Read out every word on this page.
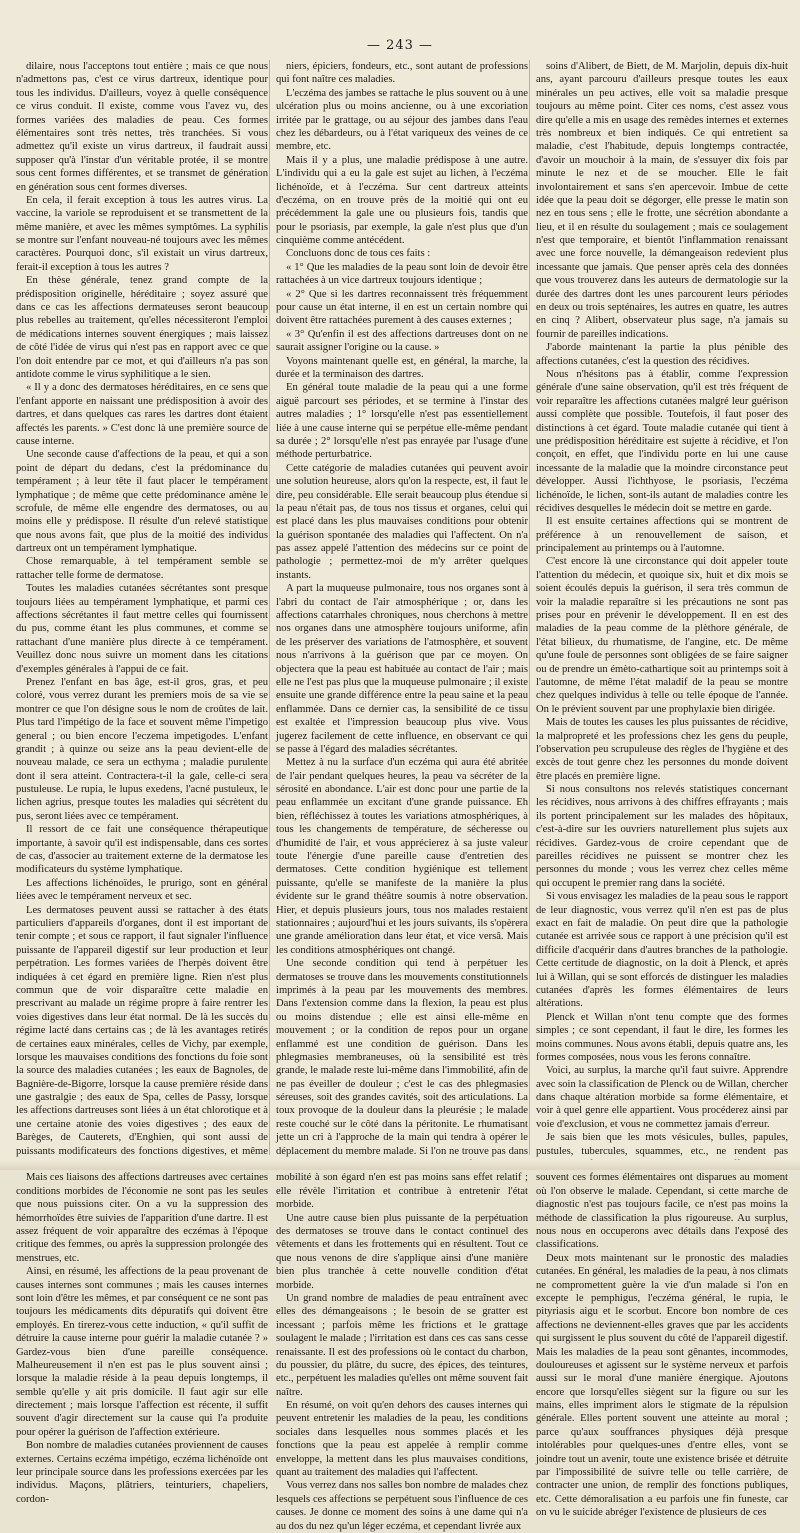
— 243 —

dilaire, nous l'acceptons tout entière ; mais ce que nous n'admettons pas, c'est ce virus dartreux, identique pour tous les individus. D'ailleurs, voyez à quelle conséquence ce virus conduit. Il existe, comme vous l'avez vu, des formes variées des maladies de peau. Ces formes élémentaires sont très nettes, très tranchées. Si vous admettez qu'il existe un virus dartreux, il faudrait aussi supposer qu'à l'instar d'un véritable protée, il se montre sous cent formes différentes, et se transmet de génération en génération sous cent formes diverses.

En cela, il ferait exception à tous les autres virus. La vaccine, la variole se reproduisent et se transmettent de la même manière, et avec les mêmes symptômes. La syphilis se montre sur l'enfant nouveau-né toujours avec les mêmes caractères. Pourquoi donc, s'il existait un virus dartreux, ferait-il exception à tous les autres ?

En thèse générale, tenez grand compte de la prédisposition originelle, héréditaire ; soyez assuré que dans ce cas les affections dermateuses seront beaucoup plus rebelles au traitement, qu'elles nécessiteront l'emploi de médications internes souvent énergiques ; mais laissez de côté l'idée de virus qui n'est pas en rapport avec ce que l'on doit entendre par ce mot, et qui d'ailleurs n'a pas son antidote comme le virus syphilitique a le sien.

« Il y a donc des dermatoses héréditaires, en ce sens que l'enfant apporte en naissant une prédisposition à avoir des dartres, et dans quelques cas rares les dartres dont étaient affectés les parents. » C'est donc là une première source de cause interne.

Une seconde cause d'affections de la peau, et qui a son point de départ du dedans, c'est la prédominance du tempérament ; à leur tête il faut placer le tempérament lymphatique ; de même que cette prédominance amène le scrofule, de même elle engendre des dermatoses, ou au moins elle y prédispose. Il résulte d'un relevé statistique que nous avons fait, que plus de la moitié des individus dartreux ont un tempérament lymphatique.

Chose remarquable, à tel tempérament semble se rattacher telle forme de dermatose.

Toutes les maladies cutanées sécrétantes sont presque toujours liées au tempérament lymphatique, et parmi ces affections sécrétantes il faut mettre celles qui fournissent du pus, comme étant les plus communes, et comme se rattachant d'une manière plus directe à ce tempérament. Veuillez donc nous suivre un moment dans les citations d'exemples générales à l'appui de ce fait.

Prenez l'enfant en bas âge, est-il gros, gras, et peu coloré, vous verrez durant les premiers mois de sa vie se montrer ce que l'on désigne sous le nom de croûtes de lait. Plus tard l'impétigo de la face et souvent même l'impetigo general ; ou bien encore l'eczema impetigodes. L'enfant grandit ; à quinze ou seize ans la peau devient-elle de nouveau malade, ce sera un ecthyma ; maladie purulente dont il sera atteint. Contractera-t-il la gale, celle-ci sera pustuleuse. Le rupia, le lupus exedens, l'acné pustuleux, le lichen agrius, presque toutes les maladies qui sécrètent du pus, seront liées avec ce tempérament.

Il ressort de ce fait une conséquence thérapeutique importante, à savoir qu'il est indispensable, dans ces sortes de cas, d'associer au traitement externe de la dermatose les modificateurs du système lymphatique.

Les affections lichénoïdes, le prurigo, sont en général liées avec le tempérament nerveux et sec.

Les dermatoses peuvent aussi se rattacher à des états particuliers d'appareils d'organes, dont il est important de tenir compte ; et sous ce rapport, il faut signaler l'influence puissante de l'appareil digestif sur leur production et leur perpétration. Les formes variées de l'herpès doivent être indiquées à cet égard en première ligne. Rien n'est plus commun que de voir disparaître cette maladie en prescrivant au malade un régime propre à faire rentrer les voies digestives dans leur état normal. De là les succès du régime lacté dans certains cas ; de là les avantages retirés de certaines eaux minérales, celles de Vichy, par exemple, lorsque les mauvaises conditions des fonctions du foie sont la source des maladies cutanées ; les eaux de Bagnoles, de Bagnière-de-Bigorre, lorsque la cause première réside dans une gastralgie ; des eaux de Spa, celles de Passy, lorsque les affections dartreuses sont liées à un état chlorotique et à une certaine atonie des voies digestives ; des eaux de Barèges, de Cauterets, d'Enghien, qui sont aussi de puissants modificateurs des fonctions digestives, et même

Mais ces liaisons des affections dartreuses avec certaines conditions morbides de l'économie ne sont pas les seules que nous puissions citer. On a vu la suppression des hémorrhoïdes être suivies de l'apparition d'une dartre. Il est assez fréquent de voir apparaître des eczémas à l'époque critique des femmes, ou après la suppression prolongée des menstrues, etc.

Ainsi, en résumé, les affections de la peau provenant de causes internes sont communes ; mais les causes internes sont loin d'être les mêmes, et par conséquent ce ne sont pas toujours les médicaments dits dépuratifs qui doivent être employés. En tirerez-vous cette induction, « qu'il suffit de détruire la cause interne pour guérir la maladie cutanée ? » Gardez-vous bien d'une pareille conséquence. Malheureusement il n'en est pas le plus souvent ainsi ; lorsque la maladie réside à la peau depuis longtemps, il semble qu'elle y ait pris domicile. Il faut agir sur elle directement ; mais lorsque l'affection est récente, il suffit souvent d'agir directement sur la cause qui l'a produite pour opérer la guérison de l'affection extérieure.

Bon nombre de maladies cutanées proviennent de causes externes. Certains eczéma impétigo, eczéma lichénoïde ont leur principale source dans les professions exercées par les individus. Maçons, plâtriers, teinturiers, chapeliers, cordon-

niers, épiciers, fondeurs, etc., sont autant de professions qui font naître ces maladies.

L'eczéma des jambes se rattache le plus souvent ou à une ulcération plus ou moins ancienne, ou à une excoriation irritée par le grattage, ou au séjour des jambes dans l'eau chez les débardeurs, ou à l'état variqueux des veines de ce membre, etc.

Mais il y a plus, une maladie prédispose à une autre. L'individu qui a eu la gale est sujet au lichen, à l'eczéma lichénoïde, et à l'eczéma. Sur cent dartreux atteints d'eczéma, on en trouve près de la moitié qui ont eu précédemment la gale une ou plusieurs fois, tandis que pour le psoriasis, par exemple, la gale n'est plus que d'un cinquième comme antécédent.

Concluons donc de tous ces faits :

« 1° Que les maladies de la peau sont loin de devoir être rattachées à un vice dartreux toujours identique ;

« 2° Que si les dartres reconnaissent très fréquemment pour cause un état interne, il en est un certain nombre qui doivent être rattachées purement à des causes externes ;

« 3° Qu'enfin il est des affections dartreuses dont on ne saurait assigner l'origine ou la cause. »

Voyons maintenant quelle est, en général, la marche, la durée et la terminaison des dartres.

En général toute maladie de la peau qui a une forme aiguë parcourt ses périodes, et se termine à l'instar des autres maladies ; 1° lorsqu'elle n'est pas essentiellement liée à une cause interne qui se perpétue elle-même pendant sa durée ; 2° lorsqu'elle n'est pas enrayée par l'usage d'une méthode perturbatrice.

Cette catégorie de maladies cutanées qui peuvent avoir une solution heureuse, alors qu'on la respecte, est, il faut le dire, peu considérable. Elle serait beaucoup plus étendue si la peau n'était pas, de tous nos tissus et organes, celui qui est placé dans les plus mauvaises conditions pour obtenir la guérison spontanée des maladies qui l'affectent. On n'a pas assez appelé l'attention des médecins sur ce point de pathologie ; permettez-moi de m'y arrêter quelques instants.

A part la muqueuse pulmonaire, tous nos organes sont à l'abri du contact de l'air atmosphérique ; or, dans les affections catarrhales chroniques, nous cherchons à mettre nos organes dans une atmosphère toujours uniforme, afin de les préserver des variations de l'atmosphère, et souvent nous n'arrivons à la guérison que par ce moyen. On objectera que la peau est habituée au contact de l'air ; mais elle ne l'est pas plus que la muqueuse pulmonaire ; il existe ensuite une grande différence entre la peau saine et la peau enflammée. Dans ce dernier cas, la sensibilité de ce tissu est exaltée et l'impression beaucoup plus vive. Vous jugerez facilement de cette influence, en observant ce qui se passe à l'égard des maladies sécrétantes.

Mettez à nu la surface d'un eczéma qui aura été abritée de l'air pendant quelques heures, la peau va sécréter de la sérosité en abondance. L'air est donc pour une partie de la peau enflammée un excitant d'une grande puissance. Eh bien, réfléchissez à toutes les variations atmosphériques, à tous les changements de température, de sécheresse ou d'humidité de l'air, et vous apprécierez à sa juste valeur toute l'énergie d'une pareille cause d'entretien des dermatoses. Cette condition hygiénique est tellement puissante, qu'elle se manifeste de la manière la plus évidente sur le grand théâtre soumis à notre observation. Hier, et depuis plusieurs jours, tous nos malades restaient stationnaires ; aujourd'hui et les jours suivants, ils s'opèrera une grande amélioration dans leur état, et vice versâ. Mais les conditions atmosphériques ont changé.

Une seconde condition qui tend à perpétuer les dermatoses se trouve dans les mouvements constitutionnels imprimés à la peau par les mouvements des membres. Dans l'extension comme dans la flexion, la peau est plus ou moins distendue ; elle est ainsi elle-même en mouvement ; or la condition de repos pour un organe enflammé est une condition de guérison. Dans les phlegmasies membraneuses, où la sensibilité est très grande, le malade reste lui-même dans l'immobilité, afin de ne pas éveiller de douleur ; c'est le cas des phlegmasies séreuses, soit des grandes cavités, soit des articulations. La toux provoque de la douleur dans la pleurésie ; le malade reste couché sur le côté dans la péritonite. Le rhumatisant jette un cri à l'approche de la main qui tendra à opérer le déplacement du membre malade. Si l'on ne trouve pas dans mobilité à son égard n'en est pas moins sans effet relatif ; elle révèle l'irritation et contribue à entretenir l'état morbide.

Une autre cause bien plus puissante de la perpétuation des dermatoses se trouve dans le contact continuel des vêtements et dans les frottements qui en résultent. Tout ce que nous venons de dire s'applique ainsi d'une manière bien plus tranchée à cette nouvelle condition d'état morbide.

Un grand nombre de maladies de peau entraînent avec elles des démangeaisons ; le besoin de se gratter est incessant ; parfois même les frictions et le grattage soulagent le malade ; l'irritation est dans ces cas sans cesse renaissante. Il est des professions où le contact du charbon, du poussier, du plâtre, du sucre, des épices, des teintures, etc., perpétuent les maladies qu'elles ont même souvent fait naître.

En résumé, on voit qu'en dehors des causes internes qui peuvent entretenir les maladies de la peau, les conditions sociales dans lesquelles nous sommes placés et les fonctions que la peau est appelée à remplir comme enveloppe, la mettent dans les plus mauvaises conditions, quant au traitement des maladies qui l'affectent.

Vous verrez dans nos salles bon nombre de malades chez lesquels ces affections se perpétuent sous l'influence de ces causes. Je donne ce moment des soins à une dame qui n'a au dos du nez qu'un léger eczéma, et cependant livrée aux

soins d'Alibert, de Biett, de M. Marjolin, depuis dix-huit ans, ayant parcouru d'ailleurs presque toutes les eaux minérales un peu actives, elle voit sa maladie presque toujours au même point. Citer ces noms, c'est assez vous dire qu'elle a mis en usage des remèdes internes et externes très nombreux et bien indiqués. Ce qui entretient sa maladie, c'est l'habitude, depuis longtemps contractée, d'avoir un mouchoir à la main, de s'essuyer dix fois par minute le nez et de se moucher. Elle le fait involontairement et sans s'en apercevoir. Imbue de cette idée que la peau doit se dégorger, elle presse le matin son nez en tous sens ; elle le frotte, une sécrétion abondante a lieu, et il en résulte du soulagement ; mais ce soulagement n'est que temporaire, et bientôt l'inflammation renaissant avec une force nouvelle, la démangeaison redevient plus incessante que jamais. Que penser après cela des données que vous trouverez dans les auteurs de dermatologie sur la durée des dartres dont les unes parcourent leurs périodes en deux ou trois septénaires, les autres en quatre, les autres en cinq ? Alibert, observateur plus sage, n'a jamais su fournir de pareilles indications.

J'aborde maintenant la partie la plus pénible des affections cutanées, c'est la question des récidives.

Nous n'hésitons pas à établir, comme l'expression générale d'une saine observation, qu'il est très fréquent de voir reparaître les affections cutanées malgré leur guérison aussi complète que possible. Toutefois, il faut poser des distinctions à cet égard. Toute maladie cutanée qui tient à une prédisposition héréditaire est sujette à récidive, et l'on conçoit, en effet, que l'individu porte en lui une cause incessante de la maladie que la moindre circonstance peut développer. Aussi l'ichthyose, le psoriasis, l'eczéma lichénoïde, le lichen, sont-ils autant de maladies contre les récidives desquelles le médecin doit se mettre en garde.

Il est ensuite certaines affections qui se montrent de préférence à un renouvellement de saison, et principalement au printemps ou à l'automne.

C'est encore là une circonstance qui doit appeler toute l'attention du médecin, et quoique six, huit et dix mois se soient écoulés depuis la guérison, il sera très commun de voir la maladie reparaître si les précautions ne sont pas prises pour en prévenir le développement. Il en est des maladies de la peau comme de la plèthore générale, de l'état bilieux, du rhumatisme, de l'angine, etc. De même qu'une foule de personnes sont obligées de se faire saigner ou de prendre un émèto-cathartique soit au printemps soit à l'automne, de même l'état maladif de la peau se montre chez quelques individus à telle ou telle époque de l'année. On le prévient souvent par une prophylaxie bien dirigée.

Mais de toutes les causes les plus puissantes de récidive, la malpropreté et les professions chez les gens du peuple, l'observation peu scrupuleuse des règles de l'hygiène et des excès de tout genre chez les personnes du monde doivent être placés en première ligne.

Si nous consultons nos relevés statistiques concernant les récidives, nous arrivons à des chiffres effrayants ; mais ils portent principalement sur les malades des hôpitaux, c'est-à-dire sur les ouvriers naturellement plus sujets aux récidives. Gardez-vous de croire cependant que de pareilles récidives ne puissent se montrer chez les personnes du monde ; vous les verrez chez celles même qui occupent le premier rang dans la société.

Si vous envisagez les maladies de la peau sous le rapport de leur diagnostic, vous verrez qu'il n'en est pas de plus exact en fait de maladie. On peut dire que la pathologie cutanée est arrivée sous ce rapport à une précision qu'il est difficile d'acquérir dans d'autres branches de la pathologie. Cette certitude de diagnostic, on la doit à Plenck, et après lui à Willan, qui se sont efforcés de distinguer les maladies cutanées d'après les formes élémentaires de leurs altérations.

Plenck et Willan n'ont tenu compte que des formes simples ; ce sont cependant, il faut le dire, les formes les moins communes. Nous avons établi, depuis quatre ans, les formes composées, nous vous les ferons connaître.

Voici, au surplus, la marche qu'il faut suivre. Apprendre avec soin la classification de Plenck ou de Willan, chercher dans chaque altération morbide sa forme élémentaire, et voir à quel genre elle appartient. Vous procéderez ainsi par voie d'exclusion, et vous ne commettez jamais d'erreur.

Je sais bien que les mots vésicules, bulles, papules, pustules, tubercules, squammes, etc., ne rendent pas souvent ces formes élémentaires ont disparues au moment où l'on observe le malade. Cependant, si cette marche de diagnostic n'est pas toujours facile, ce n'est pas moins la méthode de classification la plus rigoureuse. Au surplus, nous nous en occuperons avec détails dans l'exposé des classifications.

Deux mots maintenant sur le pronostic des maladies cutanées. En général, les maladies de la peau, à nos climats ne compromettent guère la vie d'un malade si l'on en excepte le pemphigus, l'eczéma général, le rupia, le pityriasis aigu et le scorbut. Encore bon nombre de ces affections ne deviennent-elles graves que par les accidents qui surgissent le plus souvent du côté de l'appareil digestif. Mais les maladies de la peau sont gênantes, incommodes, douloureuses et agissent sur le système nerveux et parfois aussi sur le moral d'une manière énergique. Ajoutons encore que lorsqu'elles siègent sur la figure ou sur les mains, elles impriment alors le stigmate de la répulsion générale. Elles portent souvent une atteinte au moral ; parce qu'aux souffrances physiques déjà presque intolérables pour quelques-unes d'entre elles, vont se joindre tout un avenir, toute une existence brisée et détruite par l'impossibilité de suivre telle ou telle carrière, de contracter une union, de remplir des fonctions publiques, etc. Cette démoralisation a eu parfois une fin funeste, car on vu le suicide abréger l'existence de plusieurs de ces
